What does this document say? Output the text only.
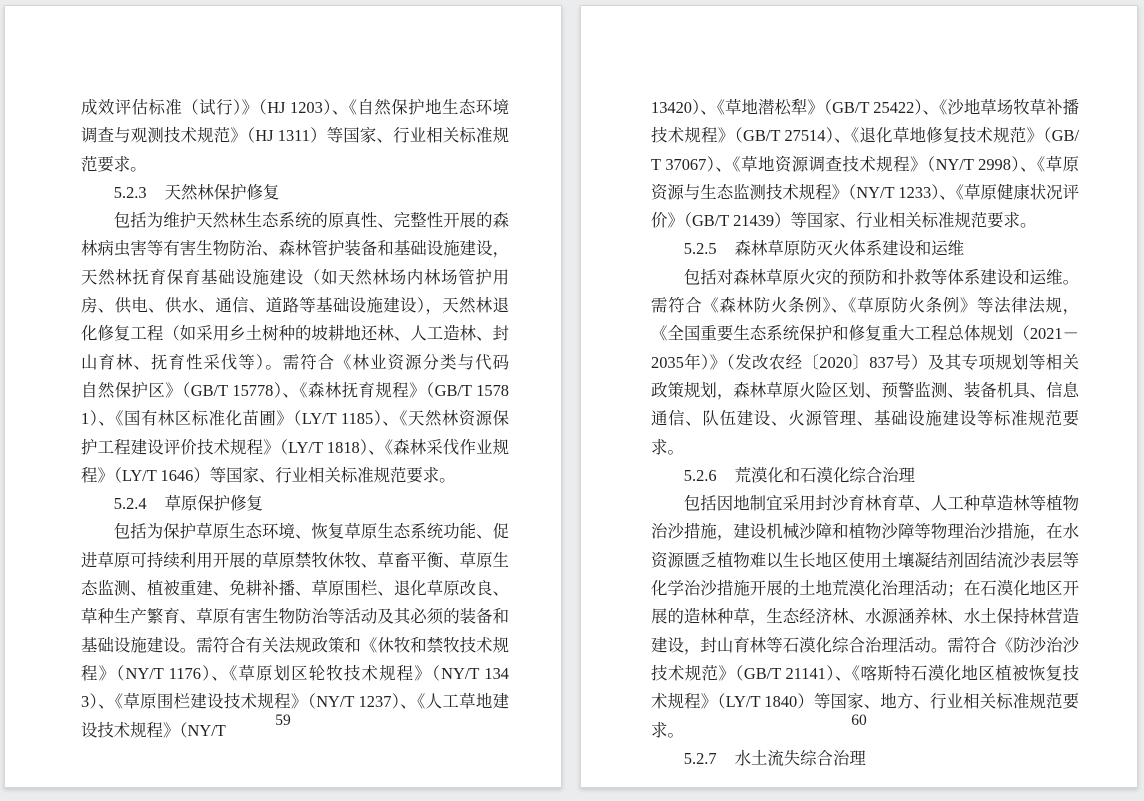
成效评估标准（试行）》（HJ 1203）、《自然保护地生态环境调查与观测技术规范》（HJ 1311）等国家、行业相关标准规范要求。

5.2.3 天然林保护修复

包括为维护天然林生态系统的原真性、完整性开展的森林病虫害等有害生物防治、森林管护装备和基础设施建设，天然林抚育保育基础设施建设（如天然林场内林场管护用房、供电、供水、通信、道路等基础设施建设），天然林退化修复工程（如采用乡土树种的坡耕地还林、人工造林、封山育林、抚育性采伐等）。需符合《林业资源分类与代码　自然保护区》（GB/T 15778）、《森林抚育规程》（GB/T 15781）、《国有林区标准化苗圃》（LY/T 1185）、《天然林资源保护工程建设评价技术规程》（LY/T 1818）、《森林采伐作业规程》（LY/T 1646）等国家、行业相关标准规范要求。

5.2.4 草原保护修复

包括为保护草原生态环境、恢复草原生态系统功能、促进草原可持续利用开展的草原禁牧休牧、草畜平衡、草原生态监测、植被重建、免耕补播、草原围栏、退化草原改良、草种生产繁育、草原有害生物防治等活动及其必须的装备和基础设施建设。需符合有关法规政策和《休牧和禁牧技术规程》（NY/T 1176）、《草原划区轮牧技术规程》（NY/T 1343）、《草原围栏建设技术规程》（NY/T 1237）、《人工草地建设技术规程》（NY/T

59

13420）、《草地潜松犁》（GB/T 25422）、《沙地草场牧草补播技术规程》（GB/T 27514）、《退化草地修复技术规范》（GB/T 37067）、《草地资源调查技术规程》（NY/T 2998）、《草原资源与生态监测技术规程》（NY/T 1233）、《草原健康状况评价》（GB/T 21439）等国家、行业相关标准规范要求。

5.2.5 森林草原防灭火体系建设和运维

包括对森林草原火灾的预防和扑救等体系建设和运维。需符合《森林防火条例》、《草原防火条例》等法律法规，《全国重要生态系统保护和修复重大工程总体规划（2021－2035年）》（发改农经〔2020〕837号）及其专项规划等相关政策规划，森林草原火险区划、预警监测、装备机具、信息通信、队伍建设、火源管理、基础设施建设等标准规范要求。

5.2.6 荒漠化和石漠化综合治理

包括因地制宜采用封沙育林育草、人工种草造林等植物治沙措施，建设机械沙障和植物沙障等物理治沙措施，在水资源匮乏植物难以生长地区使用土壤凝结剂固结流沙表层等化学治沙措施开展的土地荒漠化治理活动；在石漠化地区开展的造林种草，生态经济林、水源涵养林、水土保持林营造建设，封山育林等石漠化综合治理活动。需符合《防沙治沙技术规范》（GB/T 21141）、《喀斯特石漠化地区植被恢复技术规程》（LY/T 1840）等国家、地方、行业相关标准规范要求。

5.2.7 水土流失综合治理
60
